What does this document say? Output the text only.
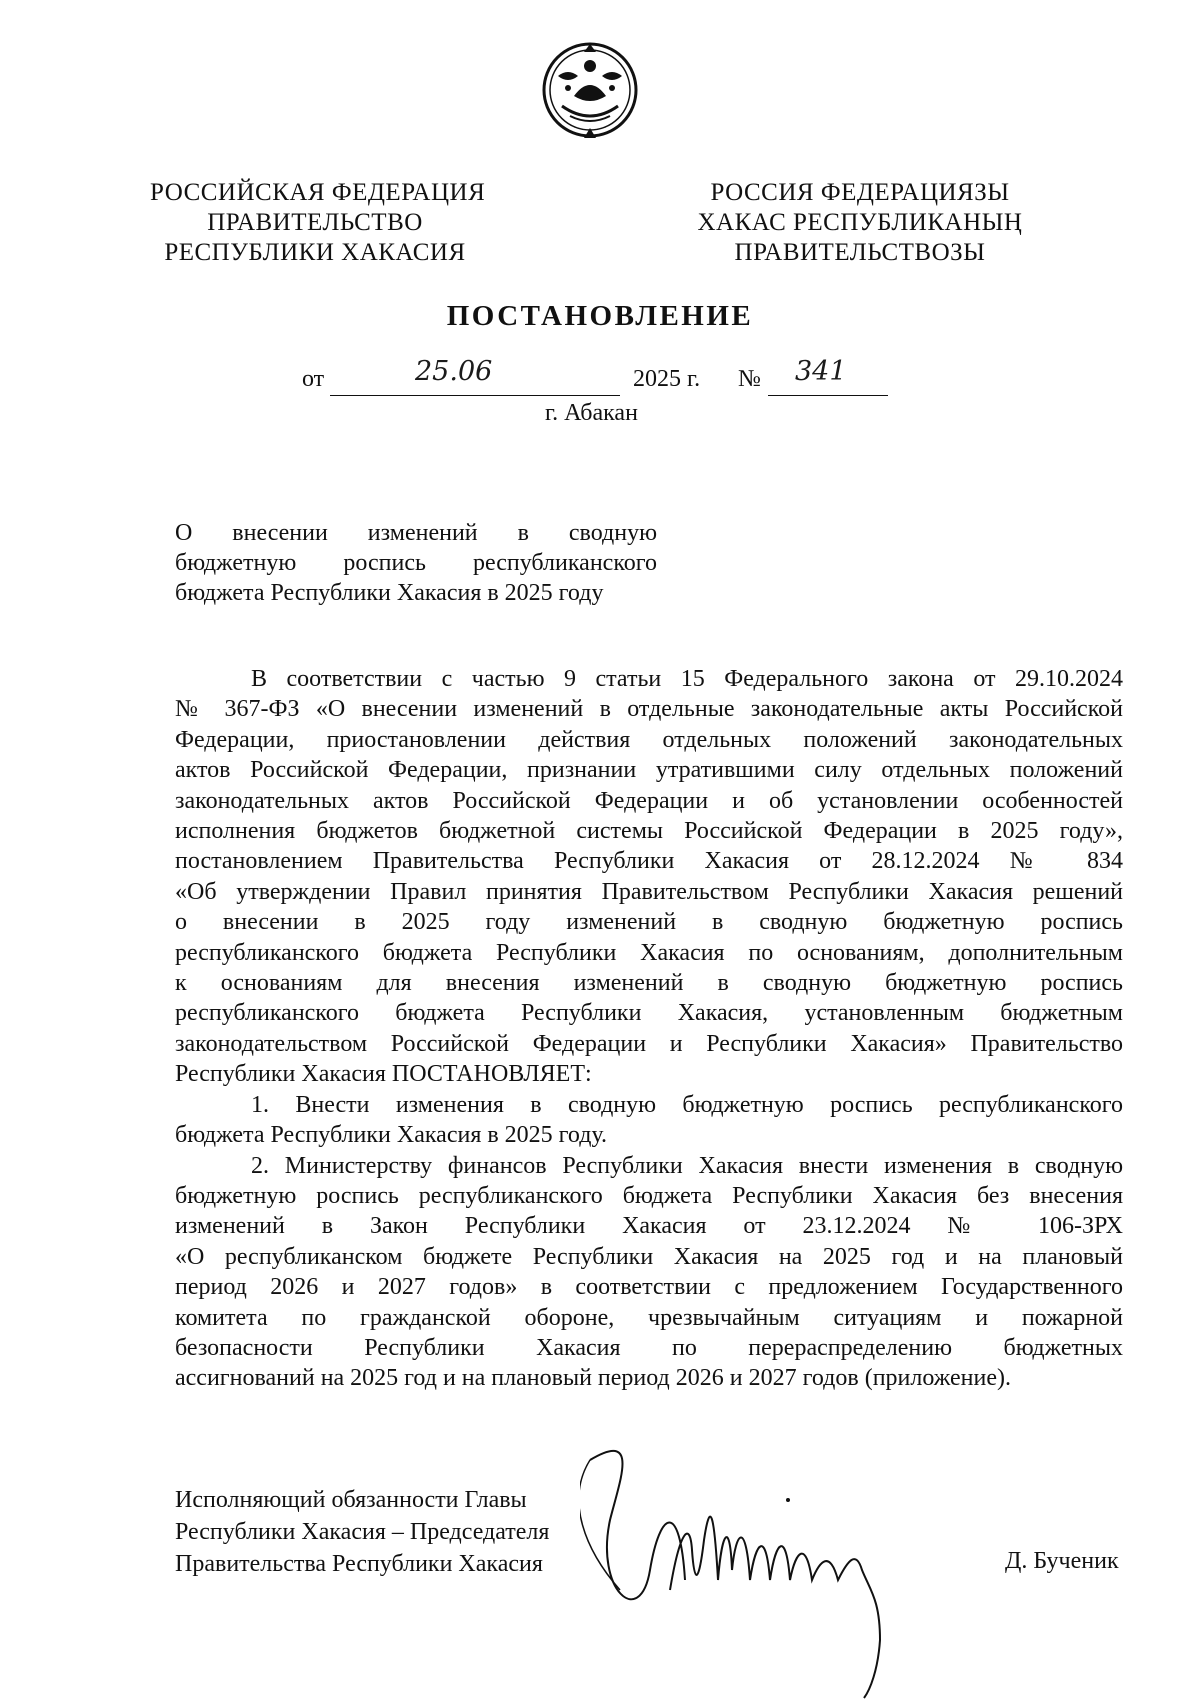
РОССИЙСКАЯ ФЕДЕРАЦИЯ
ПРАВИТЕЛЬСТВО
РЕСПУБЛИКИ ХАКАСИЯ
РОССИЯ ФЕДЕРАЦИЯЗЫ
ХАКАС РЕСПУБЛИКАНЫҢ
ПРАВИТЕЛЬСТВОЗЫ
ПОСТАНОВЛЕНИЕ
от	25.06	2025 г. № 341
г. Абакан
О внесении изменений в сводную
бюджетную роспись республиканского
бюджета Республики Хакасия в 2025 году
В соответствии с частью 9 статьи 15 Федерального закона от 29.10.2024
№ 367-ФЗ «О внесении изменений в отдельные законодательные акты Российской
Федерации, приостановлении действия отдельных положений законодательных
актов Российской Федерации, признании утратившими силу отдельных положений
законодательных актов Российской Федерации и об установлении особенностей
исполнения бюджетов бюджетной системы Российской Федерации в 2025 году»,
постановлением Правительства Республики Хакасия от 28.12.2024 № 834
«Об утверждении Правил принятия Правительством Республики Хакасия решений
о внесении в 2025 году изменений в сводную бюджетную роспись
республиканского бюджета Республики Хакасия по основаниям, дополнительным
к основаниям для внесения изменений в сводную бюджетную роспись
республиканского бюджета Республики Хакасия, установленным бюджетным
законодательством Российской Федерации и Республики Хакасия» Правительство
Республики Хакасия ПОСТАНОВЛЯЕТ:
1. Внести изменения в сводную бюджетную роспись республиканского
бюджета Республики Хакасия в 2025 году.
2. Министерству финансов Республики Хакасия внести изменения в сводную
бюджетную роспись республиканского бюджета Республики Хакасия без внесения
изменений в Закон Республики Хакасия от 23.12.2024 № 106-ЗРХ
«О республиканском бюджете Республики Хакасия на 2025 год и на плановый
период 2026 и 2027 годов» в соответствии с предложением Государственного
комитета по гражданской обороне, чрезвычайным ситуациям и пожарной
безопасности Республики Хакасия по перераспределению бюджетных
ассигнований на 2025 год и на плановый период 2026 и 2027 годов (приложение).
Исполняющий обязанности Главы
Республики Хакасия – Председателя
Правительства Республики Хакасия	Д. Бученик
